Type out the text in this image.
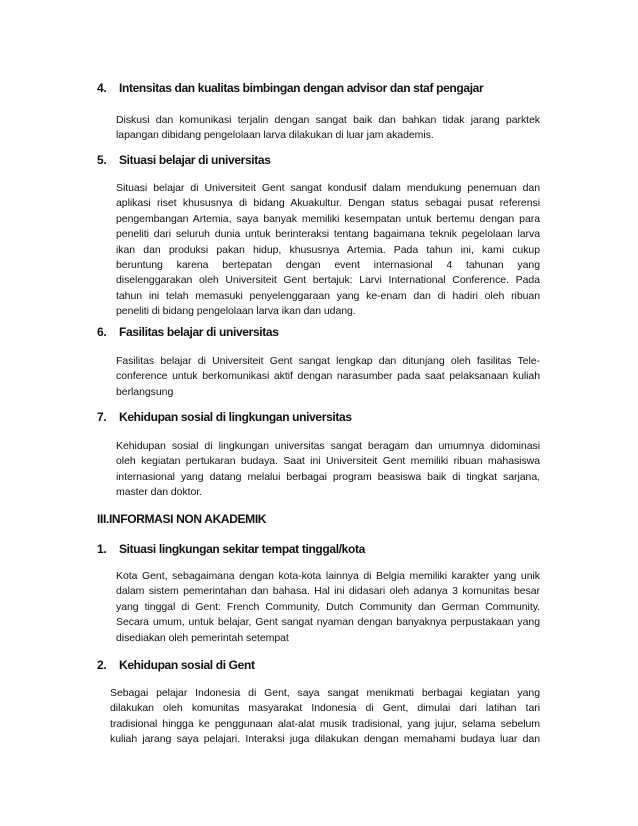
4. Intensitas dan kualitas bimbingan dengan advisor dan staf pengajar
Diskusi dan komunikasi terjalin dengan sangat baik dan bahkan tidak jarang parktek
lapangan dibidang pengelolaan larva dilakukan di luar jam akademis.
5. Situasi belajar di universitas
Situasi belajar di Universiteit Gent sangat kondusif dalam mendukung penemuan dan
aplikasi riset khususnya di bidang Akuakultur. Dengan status sebagai pusat referensi
pengembangan Artemia, saya banyak memiliki kesempatan untuk bertemu dengan para
peneliti dari seluruh dunia untuk berinteraksi tentang bagaimana teknik pegelolaan larva
ikan dan produksi pakan hidup, khususnya Artemia. Pada tahun ini, kami cukup
beruntung karena bertepatan dengan event internasional 4 tahunan yang
diselenggarakan oleh Universiteit Gent bertajuk: Larvi International Conference. Pada
tahun ini telah memasuki penyelenggaraan yang ke-enam dan di hadiri oleh ribuan
peneliti di bidang pengelolaan larva ikan dan udang.
6. Fasilitas belajar di universitas
Fasilitas belajar di Universiteit Gent sangat lengkap dan ditunjang oleh fasilitas Tele-
conference untuk berkomunikasi aktif dengan narasumber pada saat pelaksanaan kuliah
berlangsung
7. Kehidupan sosial di lingkungan universitas
Kehidupan sosial di lingkungan universitas sangat beragam dan umumnya didominasi
oleh kegiatan pertukaran budaya. Saat ini Universiteit Gent memiliki ribuan mahasiswa
internasional yang datang melalui berbagai program beasiswa baik di tingkat sarjana,
master dan doktor.
III.INFORMASI NON AKADEMIK
1. Situasi lingkungan sekitar tempat tinggal/kota
Kota Gent, sebagaimana dengan kota-kota lainnya di Belgia memiliki karakter yang unik
dalam sistem pemerintahan dan bahasa. Hal ini didasari oleh adanya 3 komunitas besar
yang tinggal di Gent: French Community, Dutch Community dan German Community.
Secara umum, untuk belajar, Gent sangat nyaman dengan banyaknya perpustakaan yang
disediakan oleh pemerintah setempat
2. Kehidupan sosial di Gent
Sebagai pelajar Indonesia di Gent, saya sangat menikmati berbagai kegiatan yang
dilakukan oleh komunitas masyarakat Indonesia di Gent, dimulai dari latihan tari
tradisional hingga ke penggunaan alat-alat musik tradisional, yang jujur, selama sebelum
kuliah jarang saya pelajari. Interaksi juga dilakukan dengan memahami budaya luar dan
